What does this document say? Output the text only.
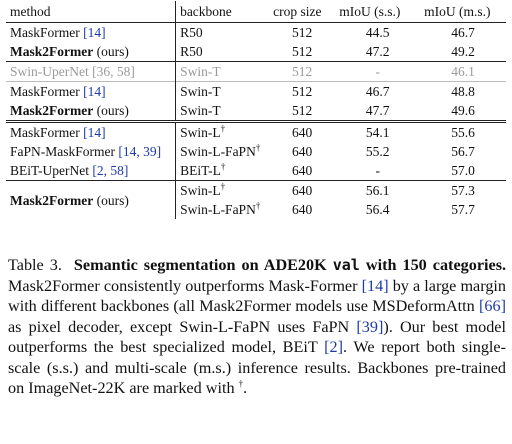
method	backbone	crop size	mIoU (s.s.)	mIoU (m.s.)
MaskFormer [14]	R50	512	44.5	46.7
Mask2Former (ours)	R50	512	47.2	49.2
Swin-UperNet [36, 58]	Swin-T	512	-	46.1
MaskFormer [14]	Swin-T	512	46.7	48.8
Mask2Former (ours)	Swin-T	512	47.7	49.6
MaskFormer [14]	Swin-L†	640	54.1	55.6
FaPN-MaskFormer [14, 39]	Swin-L-FaPN†	640	55.2	56.7
BEiT-UperNet [2, 58]	BEiT-L†	640	-	57.0
Mask2Former (ours)	Swin-L†	640	56.1	57.3
	Swin-L-FaPN†	640	56.4	57.7
Table 3. Semantic segmentation on ADE20K val with 150 categories. Mask2Former consistently outperforms Mask-Former [14] by a large margin with different backbones (all Mask2Former models use MSDeformAttn [66] as pixel decoder, except Swin-L-FaPN uses FaPN [39]). Our best model outperforms the best specialized model, BEiT [2]. We report both single-scale (s.s.) and multi-scale (m.s.) inference results. Backbones pre-trained on ImageNet-22K are marked with †.
